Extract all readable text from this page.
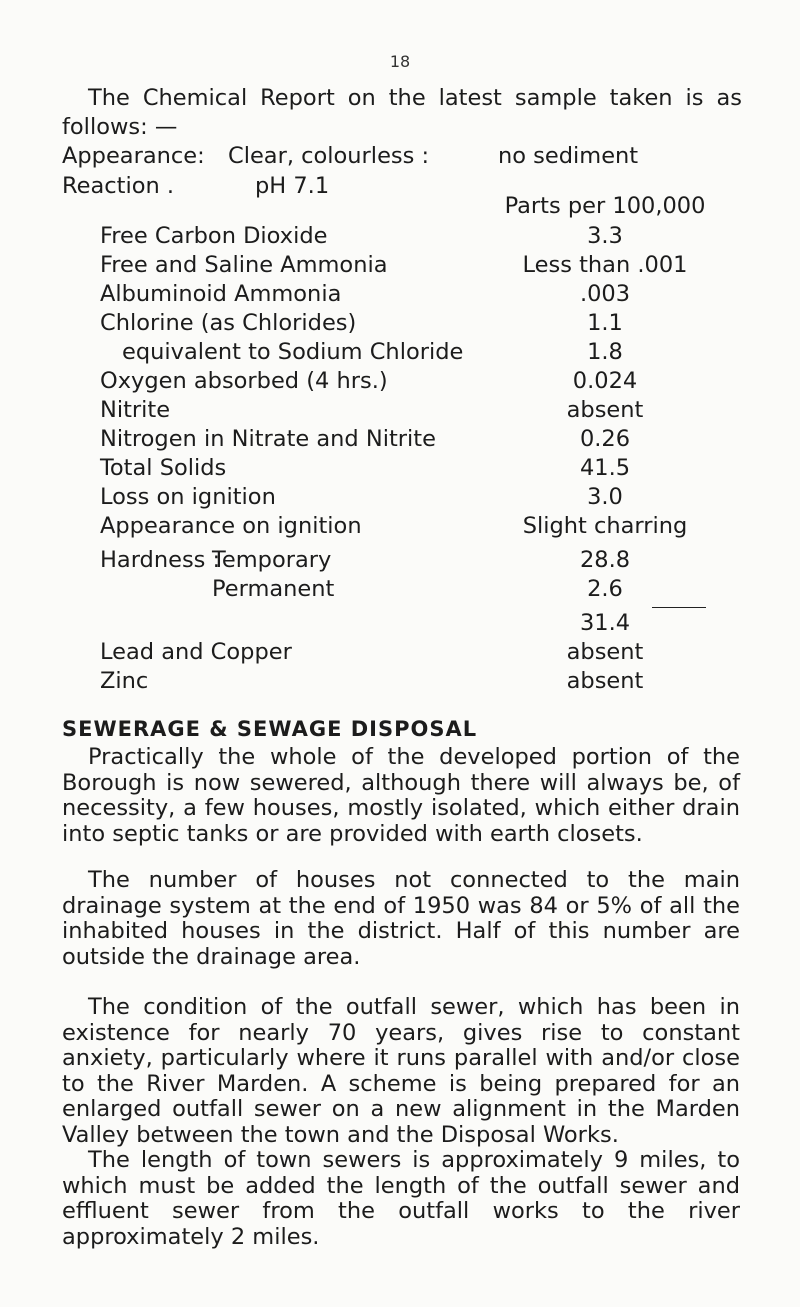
18

The Chemical Report on the latest sample taken is as

follows: —

Appearance: Clear, colourless :	no sediment
Reaction .	pH 7.1
Parts per 100,000
Free Carbon Dioxide	3.3
Free and Saline Ammonia	Less than .001
Albuminoid Ammonia	.003
Chlorine (as Chlorides)	1.1
equivalent to Sodium Chloride	1.8
Oxygen absorbed (4 hrs.)	0.024
Nitrite	absent
Nitrogen in Nitrate and Nitrite	0.26
Total Solids	41.5
Loss on ignition	3.0
Appearance on ignition	Slight charring
Hardness :
Temporary	28.8
Permanent	2.6
31.4
Lead and Copper	absent
Zinc	absent
SEWERAGE & SEWAGE DISPOSAL

Practically the whole of the developed portion of the Borough is now sewered, although there will always be, of necessity, a few houses, mostly isolated, which either drain into septic tanks or are provided with earth closets.

The number of houses not connected to the main drainage system at the end of 1950 was 84 or 5% of all the inhabited houses in the district. Half of this number are outside the drainage area.

The condition of the outfall sewer, which has been in existence for nearly 70 years, gives rise to constant anxiety, particularly where it runs parallel with and/or close to the River Marden. A scheme is being prepared for an enlarged outfall sewer on a new alignment in the Marden Valley between the town and the Disposal Works.

The length of town sewers is approximately 9 miles, to which must be added the length of the outfall sewer and effluent sewer from the outfall works to the river approximately 2 miles.
